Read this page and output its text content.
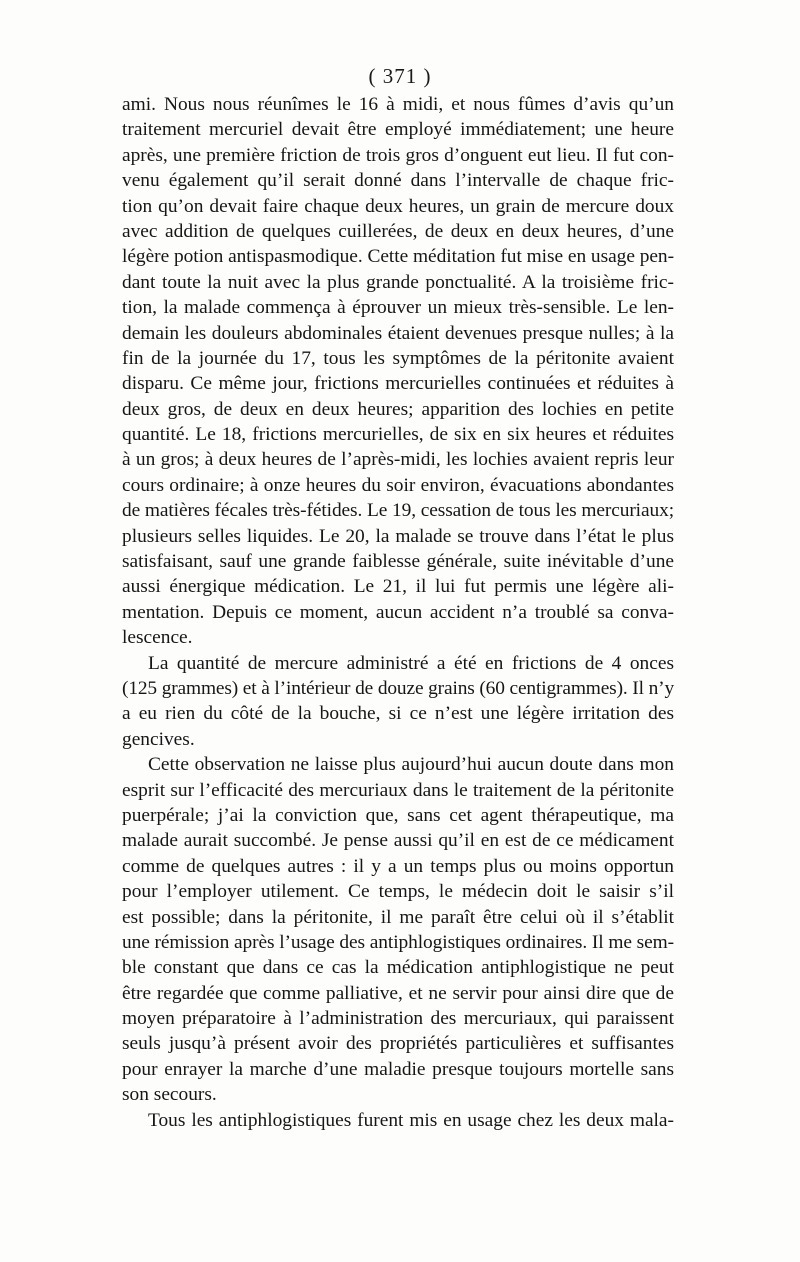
( 371 )
ami. Nous nous réunîmes le 16 à midi, et nous fûmes d’avis qu’un
traitement mercuriel devait être employé immédiatement; une heure
après, une première friction de trois gros d’onguent eut lieu. Il fut con-
venu également qu’il serait donné dans l’intervalle de chaque fric-
tion qu’on devait faire chaque deux heures, un grain de mercure doux
avec addition de quelques cuillerées, de deux en deux heures, d’une
légère potion antispasmodique. Cette méditation fut mise en usage pen-
dant toute la nuit avec la plus grande ponctualité. A la troisième fric-
tion, la malade commença à éprouver un mieux très-sensible. Le len-
demain les douleurs abdominales étaient devenues presque nulles; à la
fin de la journée du 17, tous les symptômes de la péritonite avaient
disparu. Ce même jour, frictions mercurielles continuées et réduites à
deux gros, de deux en deux heures; apparition des lochies en petite
quantité. Le 18, frictions mercurielles, de six en six heures et réduites
à un gros; à deux heures de l’après-midi, les lochies avaient repris leur
cours ordinaire; à onze heures du soir environ, évacuations abondantes
de matières fécales très-fétides. Le 19, cessation de tous les mercuriaux;
plusieurs selles liquides. Le 20, la malade se trouve dans l’état le plus
satisfaisant, sauf une grande faiblesse générale, suite inévitable d’une
aussi énergique médication. Le 21, il lui fut permis une légère ali-
mentation. Depuis ce moment, aucun accident n’a troublé sa conva-
lescence.
La quantité de mercure administré a été en frictions de 4 onces
(125 grammes) et à l’intérieur de douze grains (60 centigrammes). Il n’y
a eu rien du côté de la bouche, si ce n’est une légère irritation des
gencives.
Cette observation ne laisse plus aujourd’hui aucun doute dans mon
esprit sur l’efficacité des mercuriaux dans le traitement de la péritonite
puerpérale; j’ai la conviction que, sans cet agent thérapeutique, ma
malade aurait succombé. Je pense aussi qu’il en est de ce médicament
comme de quelques autres : il y a un temps plus ou moins opportun
pour l’employer utilement. Ce temps, le médecin doit le saisir s’il
est possible; dans la péritonite, il me paraît être celui où il s’établit
une rémission après l’usage des antiphlogistiques ordinaires. Il me sem-
ble constant que dans ce cas la médication antiphlogistique ne peut
être regardée que comme palliative, et ne servir pour ainsi dire que de
moyen préparatoire à l’administration des mercuriaux, qui paraissent
seuls jusqu’à présent avoir des propriétés particulières et suffisantes
pour enrayer la marche d’une maladie presque toujours mortelle sans
son secours.
Tous les antiphlogistiques furent mis en usage chez les deux mala-
